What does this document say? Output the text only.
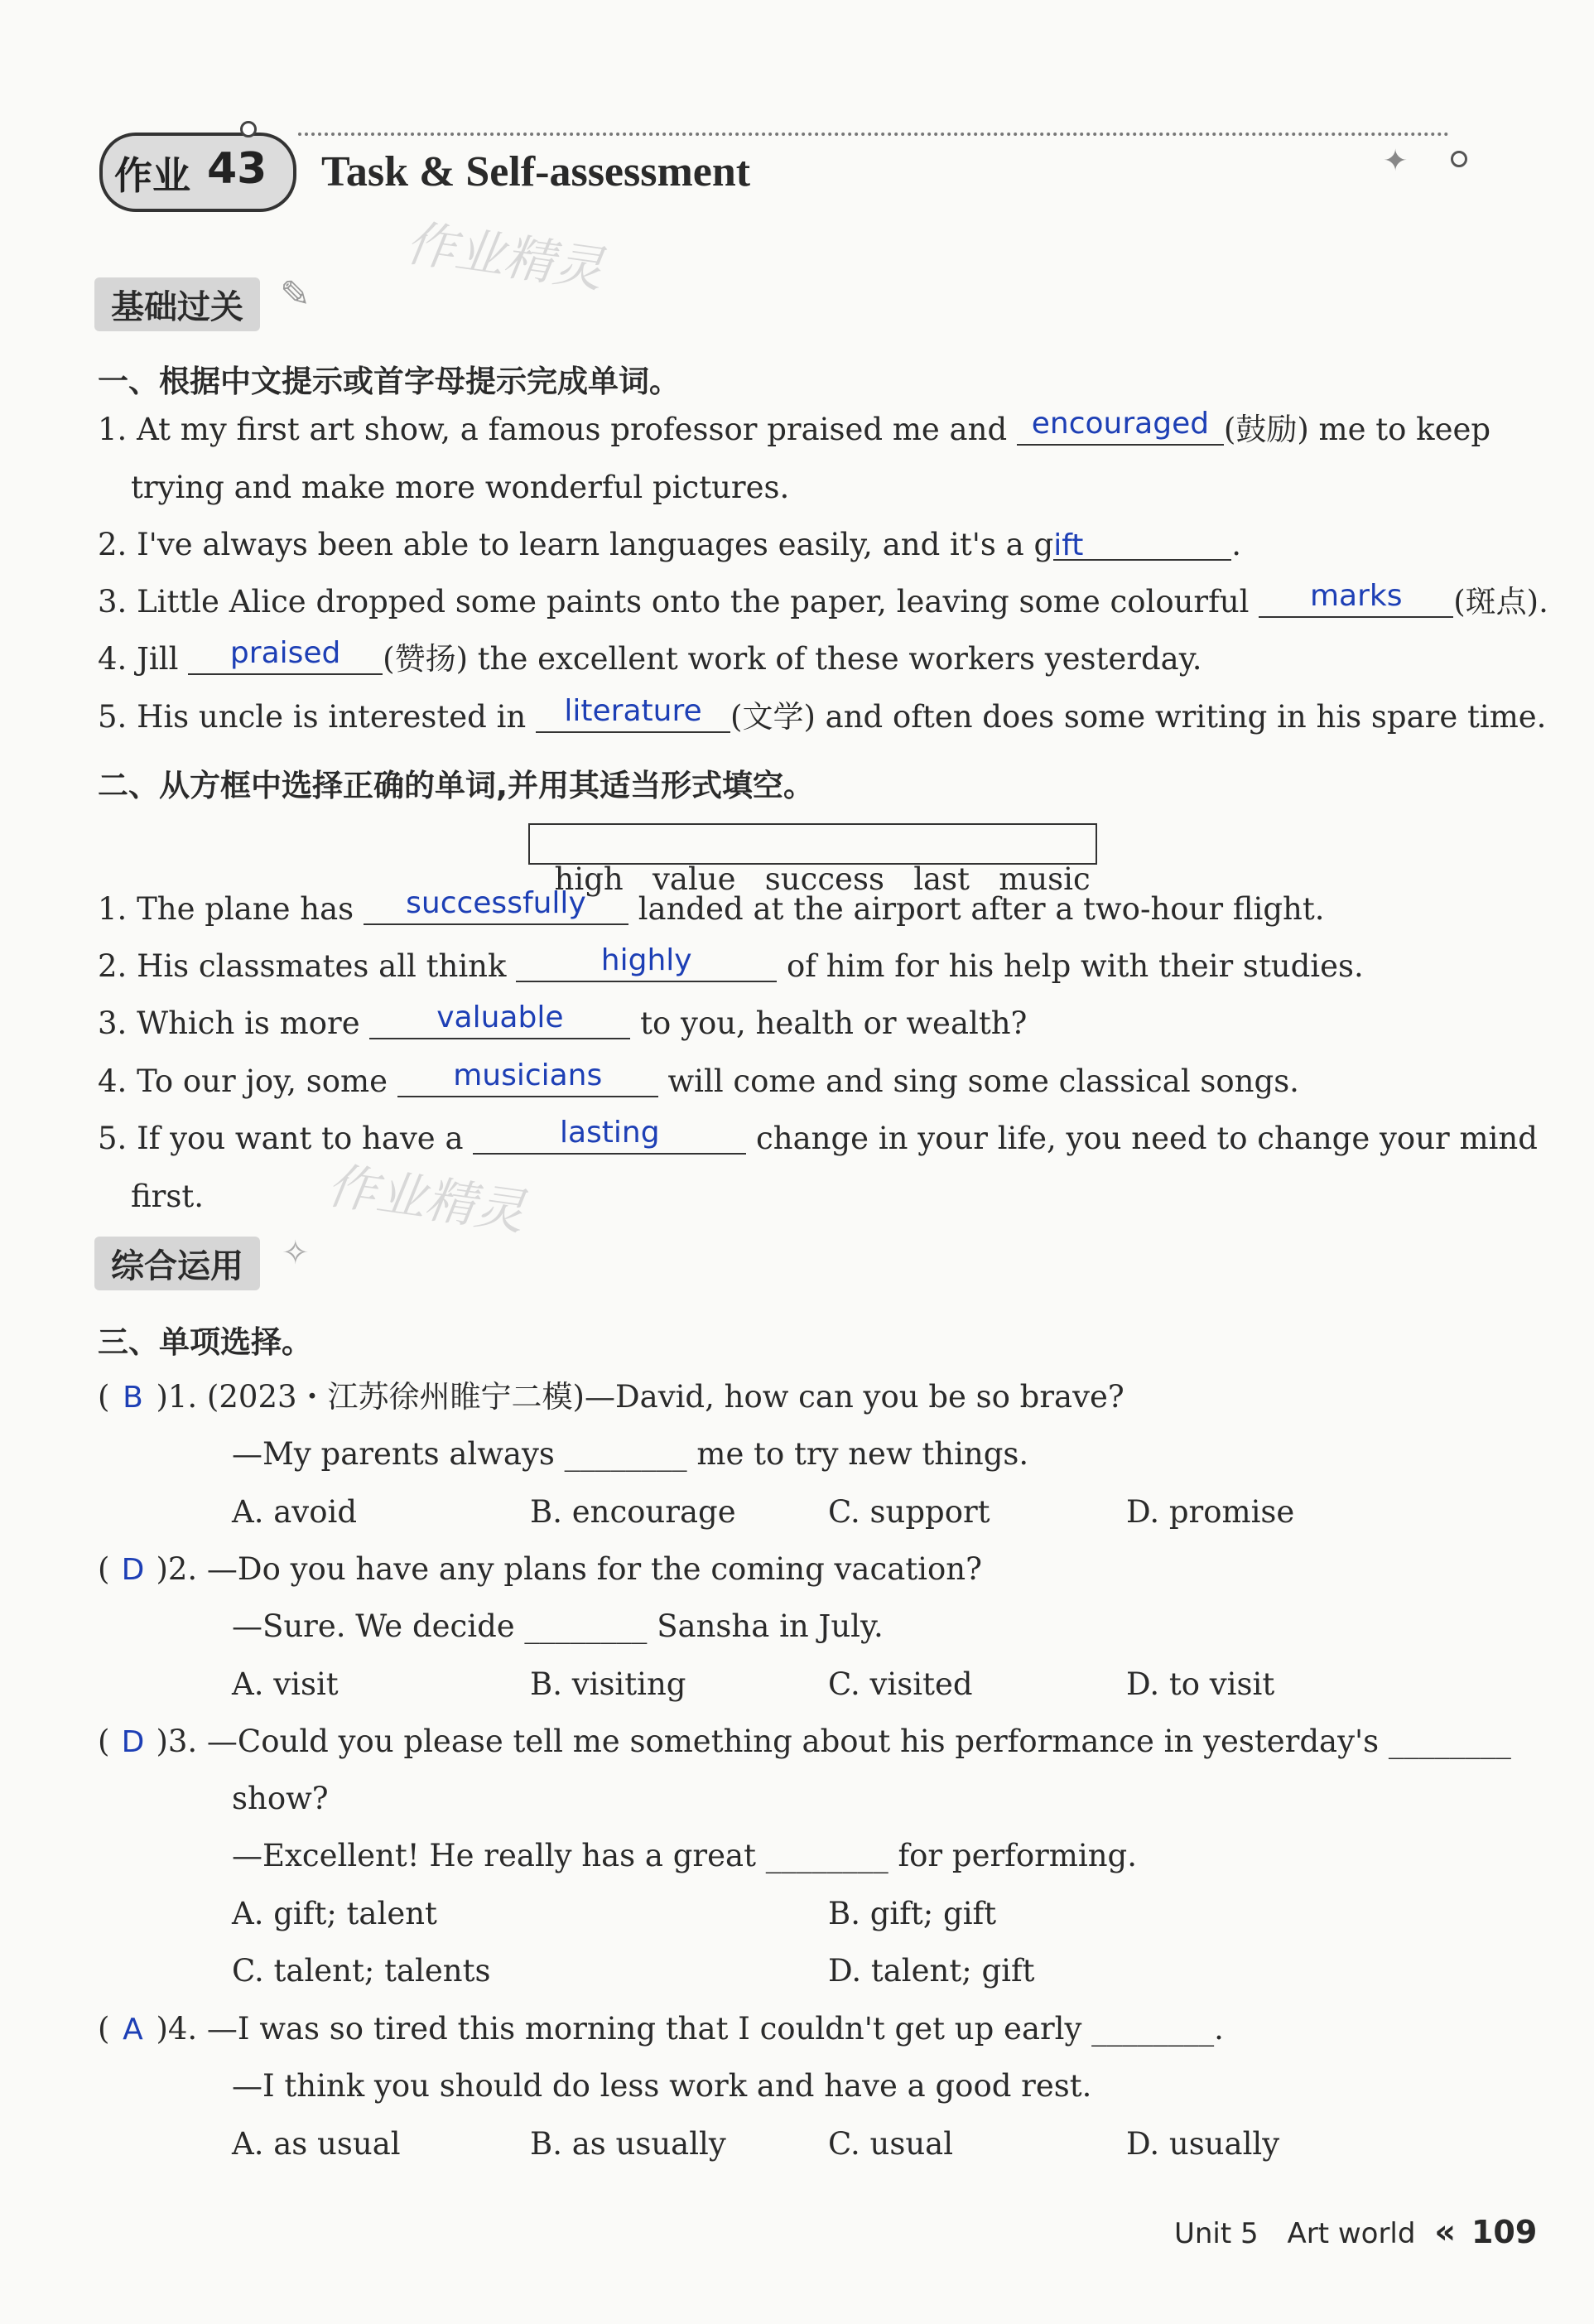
作业 43 Task & Self-assessment	✦
作业精灵
作业精灵
基础过关	✎
一、根据中文提示或首字母提示完成单词。
1. At my first art show, a famous professor praised me and encouraged (鼓励) me to keep
trying and make more wonderful pictures.
2. I've always been able to learn languages easily, and it's a gift	.
3. Little Alice dropped some paints onto the paper, leaving some colourful marks (斑点).
4. Jill praised (赞扬) the excellent work of these workers yesterday.
5. His uncle is interested in literature (文学) and often does some writing in his spare time.
二、从方框中选择正确的单词,并用其适当形式填空。

high   value   success   last   music

1. The plane has successfully landed at the airport after a two-hour flight.
2. His classmates all think	highly	of him for his help with their studies.
3. Which is more	valuable	to you, health or wealth?
4. To our joy, some musicians will come and sing some classical songs.
5. If you want to have a	lasting	change in your life, you need to change your mind
first.
综合运用	✧
三、单项选择。
( B )1. (2023・江苏徐州睢宁二模)—David, how can you be so brave?
—My parents always ________ me to try new things.
A. avoid	B. encourage	C. support	D. promise
( D )2. —Do you have any plans for the coming vacation?
—Sure. We decide ________ Sansha in July.
A. visit	B. visiting	C. visited	D. to visit
( D )3. —Could you please tell me something about his performance in yesterday's ________
show?
—Excellent! He really has a great ________ for performing.
A. gift; talent	B. gift; gift
C. talent; talents	D. talent; gift
( A )4. —I was so tired this morning that I couldn't get up early ________.
—I think you should do less work and have a good rest.
A. as usual	B. as usually	C. usual	D. usually
Unit 5 Art world « 109
